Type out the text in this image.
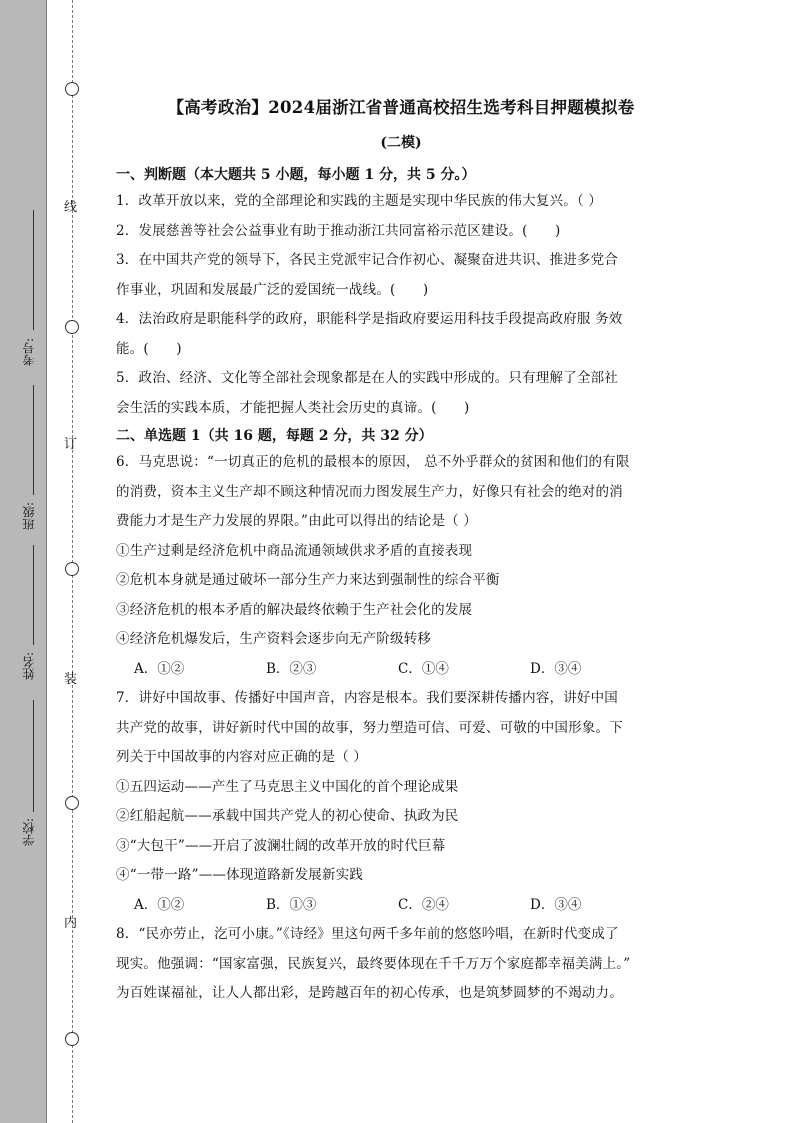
线
订
装
内
考号:
班级:
姓名:
学校:
【高考政治】2024届浙江省普通高校招生选考科目押题模拟卷
(二模)
一、判断题（本大题共 5 小题，每小题 1 分，共 5 分。）

1．改革开放以来，党的全部理论和实践的主题是实现中华民族的伟大复兴。（ ）

2．发展慈善等社会公益事业有助于推动浙江共同富裕示范区建设。(　　)

3．在中国共产党的领导下，各民主党派牢记合作初心、凝聚奋进共识、推进多党合

作事业，巩固和发展最广泛的爱国统一战线。(　　)

4．法治政府是职能科学的政府，职能科学是指政府要运用科技手段提高政府服 务效

能。(　　)

5．政治、经济、文化等全部社会现象都是在人的实践中形成的。只有理解了全部社

会生活的实践本质，才能把握人类社会历史的真谛。(　　)

二、单选题 1（共 16 题，每题 2 分，共 32 分）

6．马克思说：“一切真正的危机的最根本的原因， 总不外乎群众的贫困和他们的有限

的消费，资本主义生产却不顾这种情况而力图发展生产力，好像只有社会的绝对的消

费能力才是生产力发展的界限。”由此可以得出的结论是（ ）

①生产过剩是经济危机中商品流通领域供求矛盾的直接表现

②危机本身就是通过破坏一部分生产力来达到强制性的综合平衡

③经济危机的根本矛盾的解决最终依赖于生产社会化的发展

④经济危机爆发后，生产资料会逐步向无产阶级转移

A．①②	B．②③	C．①④	D．③④

7．讲好中国故事、传播好中国声音，内容是根本。我们要深耕传播内容，讲好中国

共产党的故事，讲好新时代中国的故事，努力塑造可信、可爱、可敬的中国形象。下

列关于中国故事的内容对应正确的是（ ）

①五四运动——产生了马克思主义中国化的首个理论成果

②红船起航——承载中国共产党人的初心使命、执政为民

③“大包干”——开启了波澜壮阔的改革开放的时代巨幕

④“一带一路”——体现道路新发展新实践

A．①②	B．①③	C．②④	D．③④

8．“民亦劳止，汔可小康。”《诗经》里这句两千多年前的悠悠吟唱，在新时代变成了

现实。他强调：“国家富强，民族复兴，最终要体现在千千万万个家庭都幸福美满上。”

为百姓谋福祉，让人人都出彩，是跨越百年的初心传承，也是筑梦圆梦的不竭动力。
